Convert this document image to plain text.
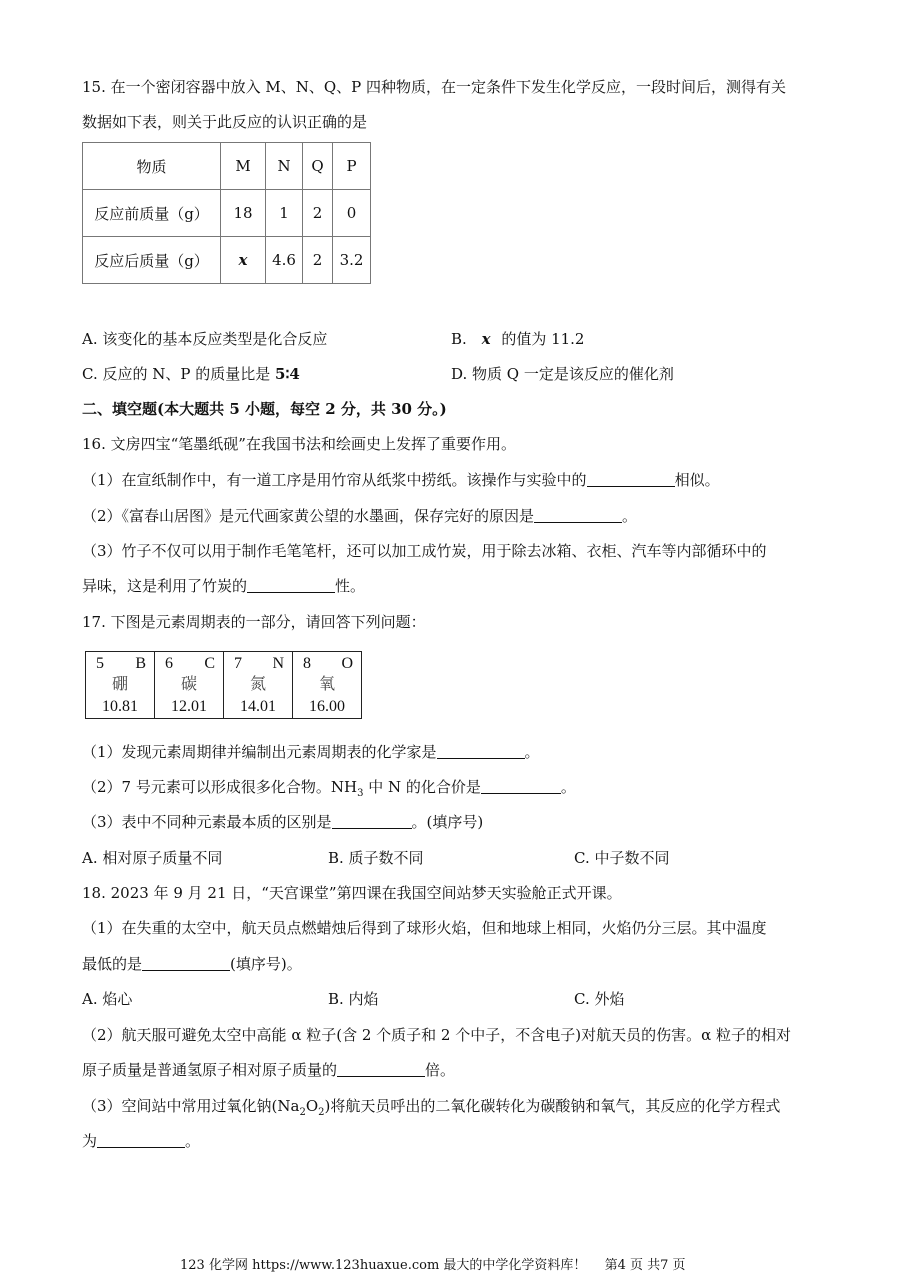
15. 在一个密闭容器中放入 M、N、Q、P 四种物质，在一定条件下发生化学反应，一段时间后，测得有关
数据如下表，则关于此反应的认识正确的是
物质	M	N	Q	P
反应前质量（g）	18	1	2	0
反应后质量（g）	x	4.6	2	3.2
A. 该变化的基本反应类型是化合反应	B. x 的值为 11.2
C. 反应的 N、P 的质量比是 5∶4	D. 物质 Q 一定是该反应的催化剂
二、填空题(本大题共 5 小题，每空 2 分，共 30 分。)
16. 文房四宝“笔墨纸砚”在我国书法和绘画史上发挥了重要作用。
（1）在宣纸制作中，有一道工序是用竹帘从纸浆中捞纸。该操作与实验中的	相似。
（2）《富春山居图》是元代画家黄公望的水墨画，保存完好的原因是	。
（3）竹子不仅可以用于制作毛笔笔杆，还可以加工成竹炭，用于除去冰箱、衣柜、汽车等内部循环中的
异味，这是利用了竹炭的	性。
17. 下图是元素周期表的一部分，请回答下列问题：
5 B
硼
10.81

6 C
碳
12.01

7 N
氮
14.01

8 O
氧
16.00
（1）发现元素周期律并编制出元素周期表的化学家是	。
（2）7 号元素可以形成很多化合物。$NH_3$ 中 N 的化合价是	。
（3）表中不同种元素最本质的区别是	。(填序号)
A. 相对原子质量不同	B. 质子数不同	C. 中子数不同
18. 2023 年 9 月 21 日，“天宫课堂”第四课在我国空间站梦天实验舱正式开课。
（1）在失重的太空中，航天员点燃蜡烛后得到了球形火焰，但和地球上相同，火焰仍分三层。其中温度
最低的是	(填序号)。
A. 焰心	B. 内焰	C. 外焰
（2）航天服可避免太空中高能 α 粒子(含 2 个质子和 2 个中子，不含电子)对航天员的伤害。α 粒子的相对
原子质量是普通氢原子相对原子质量的	倍。
（3）空间站中常用过氧化钠$(Na_2O_2)$将航天员呼出的二氧化碳转化为碳酸钠和氧气，其反应的化学方程式
为	。
123 化学网 https://www.123huaxue.com 最大的中学化学资料库！ 第4 页 共7 页
